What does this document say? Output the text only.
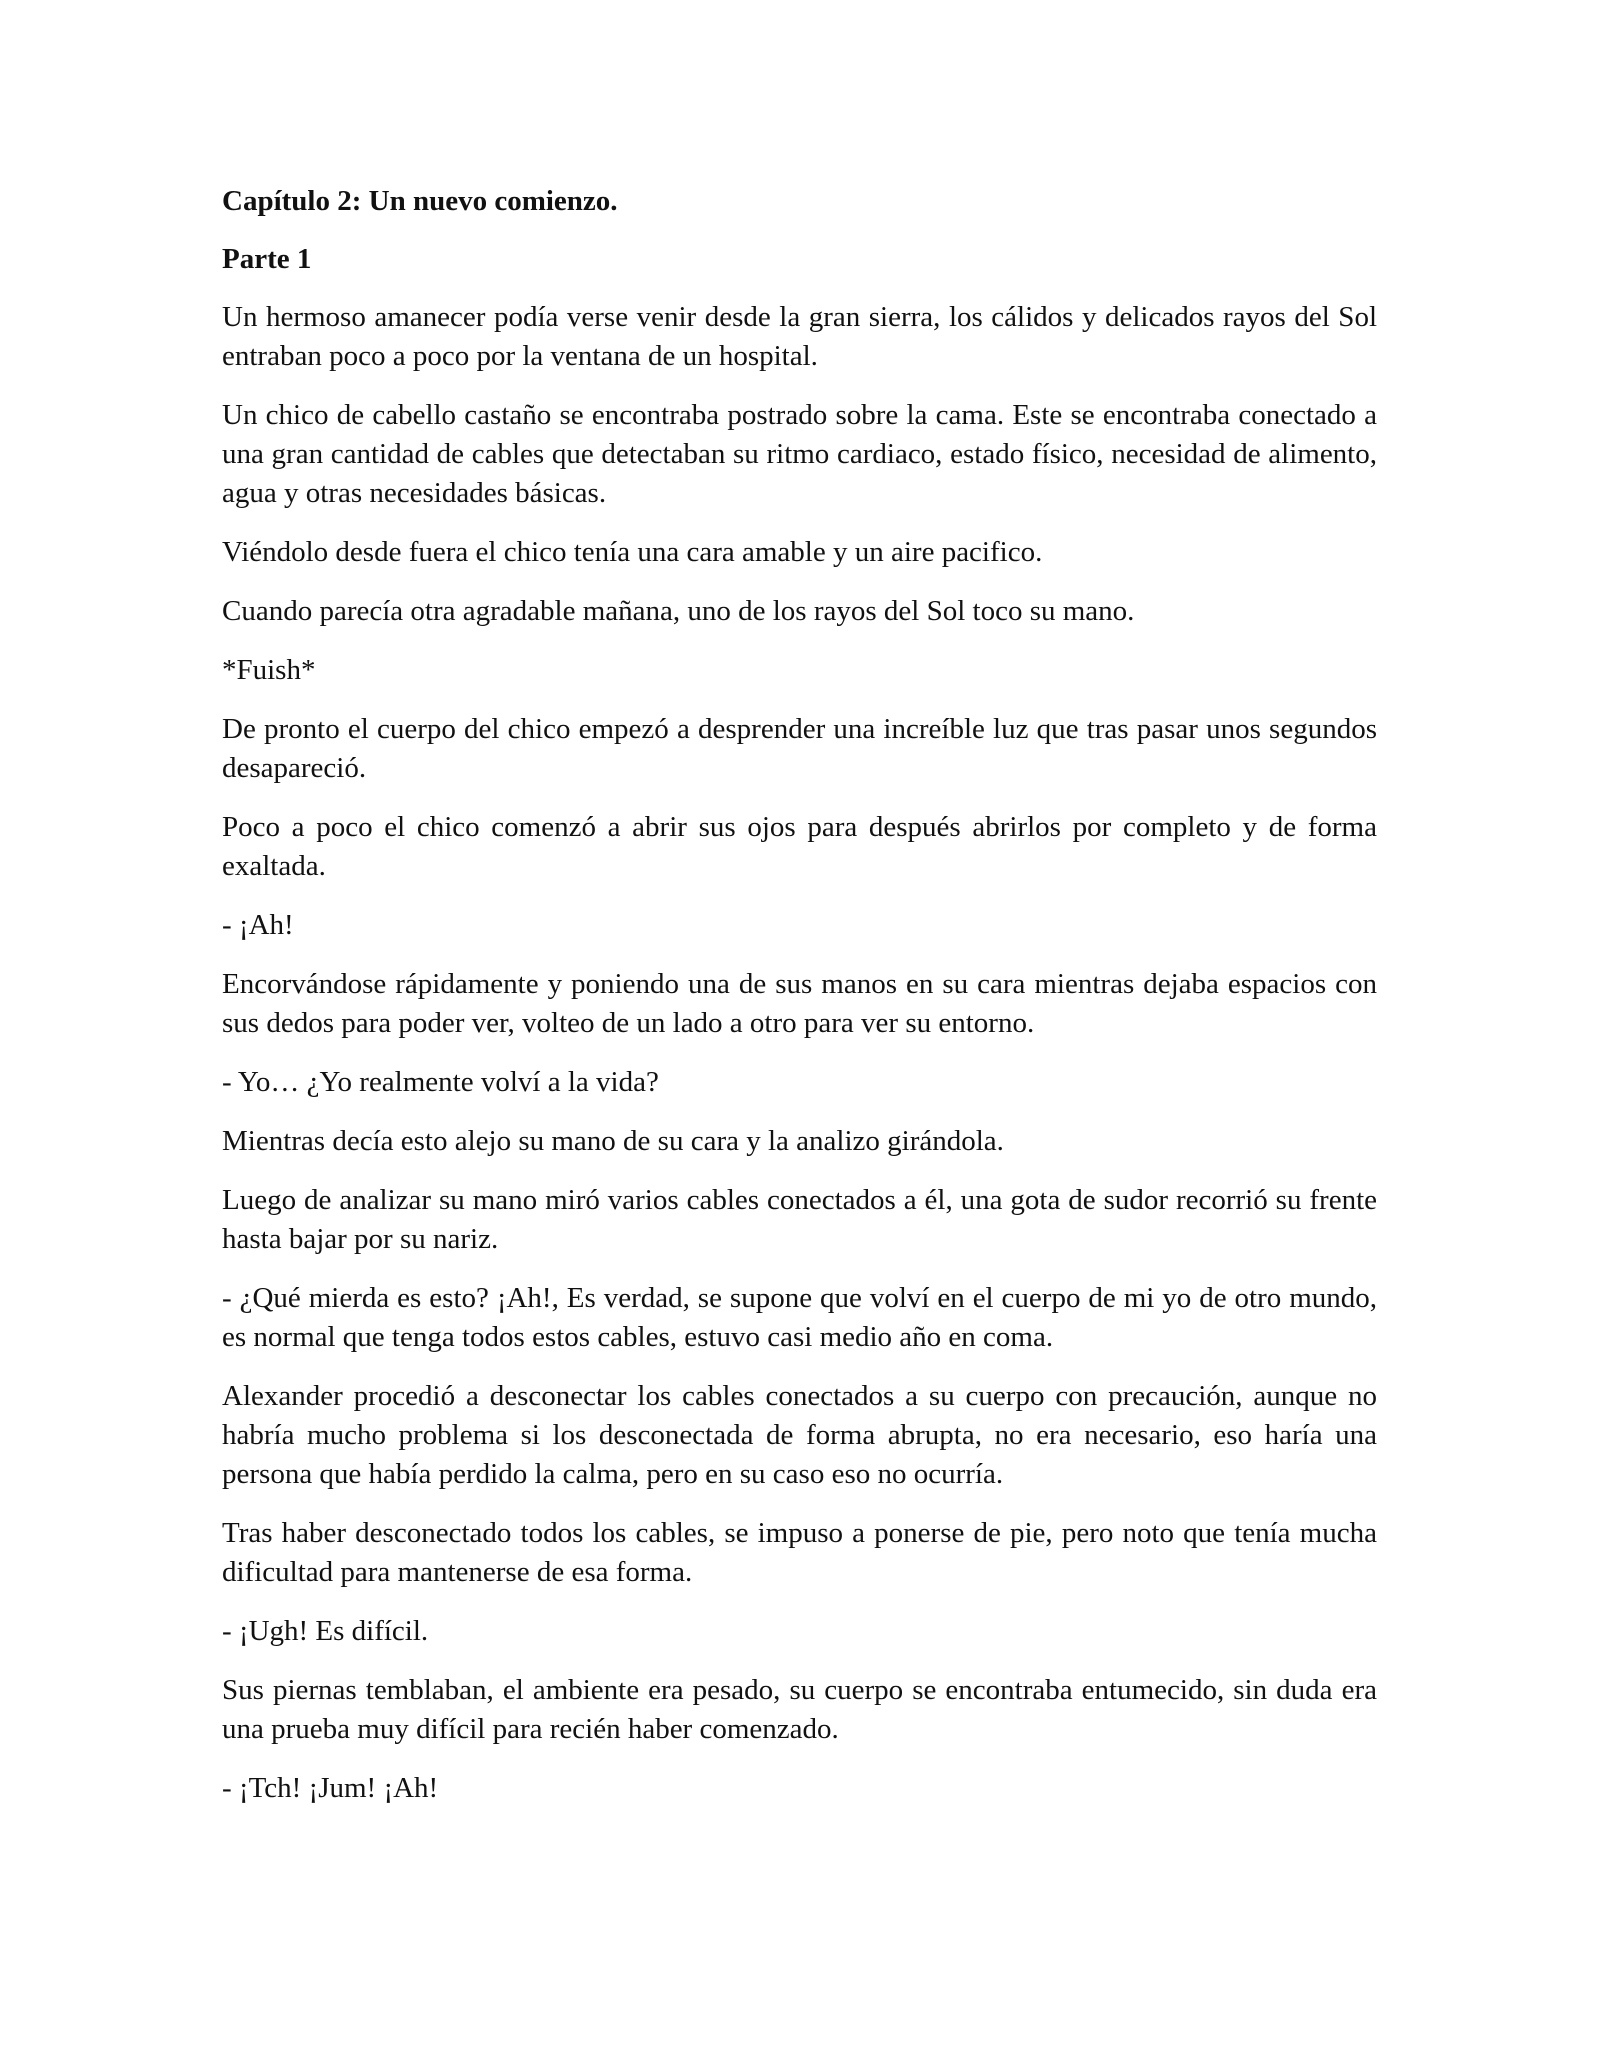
Capítulo 2: Un nuevo comienzo.
Parte 1

Un hermoso amanecer podía verse venir desde la gran sierra, los cálidos y delicados rayos del Sol entraban poco a poco por la ventana de un hospital.

Un chico de cabello castaño se encontraba postrado sobre la cama. Este se encontraba conectado a una gran cantidad de cables que detectaban su ritmo cardiaco, estado físico, necesidad de alimento, agua y otras necesidades básicas.

Viéndolo desde fuera el chico tenía una cara amable y un aire pacifico.

Cuando parecía otra agradable mañana, uno de los rayos del Sol toco su mano.

*Fuish*

De pronto el cuerpo del chico empezó a desprender una increíble luz que tras pasar unos segundos desapareció.

Poco a poco el chico comenzó a abrir sus ojos para después abrirlos por completo y de forma exaltada.

- ¡Ah!

Encorvándose rápidamente y poniendo una de sus manos en su cara mientras dejaba espacios con sus dedos para poder ver, volteo de un lado a otro para ver su entorno.

- Yo… ¿Yo realmente volví a la vida?

Mientras decía esto alejo su mano de su cara y la analizo girándola.

Luego de analizar su mano miró varios cables conectados a él, una gota de sudor recorrió su frente hasta bajar por su nariz.

- ¿Qué mierda es esto? ¡Ah!, Es verdad, se supone que volví en el cuerpo de mi yo de otro mundo, es normal que tenga todos estos cables, estuvo casi medio año en coma.

Alexander procedió a desconectar los cables conectados a su cuerpo con precaución, aunque no habría mucho problema si los desconectada de forma abrupta, no era necesario, eso haría una persona que había perdido la calma, pero en su caso eso no ocurría.

Tras haber desconectado todos los cables, se impuso a ponerse de pie, pero noto que tenía mucha dificultad para mantenerse de esa forma.

- ¡Ugh! Es difícil.

Sus piernas temblaban, el ambiente era pesado, su cuerpo se encontraba entumecido, sin duda era una prueba muy difícil para recién haber comenzado.

- ¡Tch! ¡Jum! ¡Ah!
